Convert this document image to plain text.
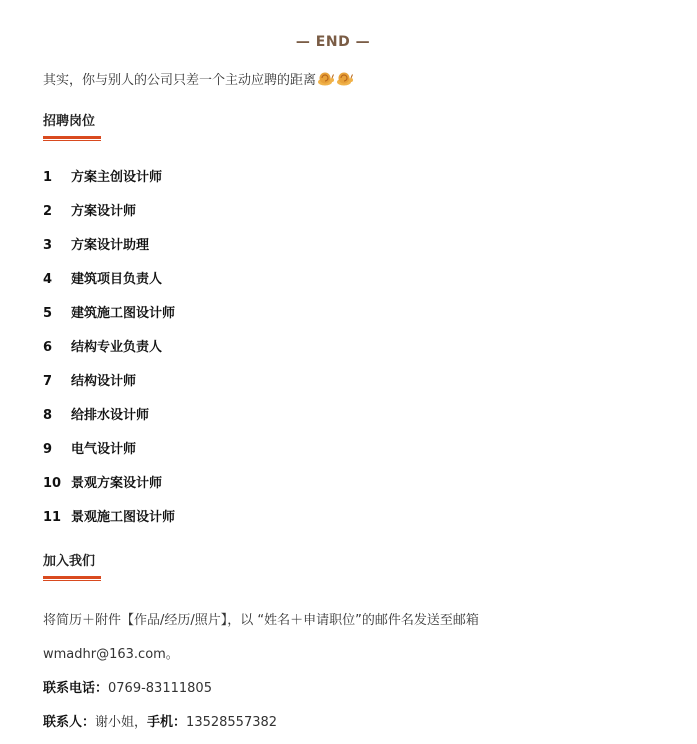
— END —
其实，你与别人的公司只差一个主动应聘的距离
招聘岗位
1 方案主创设计师
2 方案设计师
3 方案设计助理
4 建筑项目负责人
5 建筑施工图设计师
6 结构专业负责人
7 结构设计师
8 给排水设计师
9 电气设计师
10 景观方案设计师
11 景观施工图设计师
加入我们
将简历＋附件【作品/经历/照片】，以 “姓名＋申请职位”的邮件名发送至邮箱
wmadhr@163.com。
联系电话：0769-83111805
联系人：谢小姐，手机：13528557382
